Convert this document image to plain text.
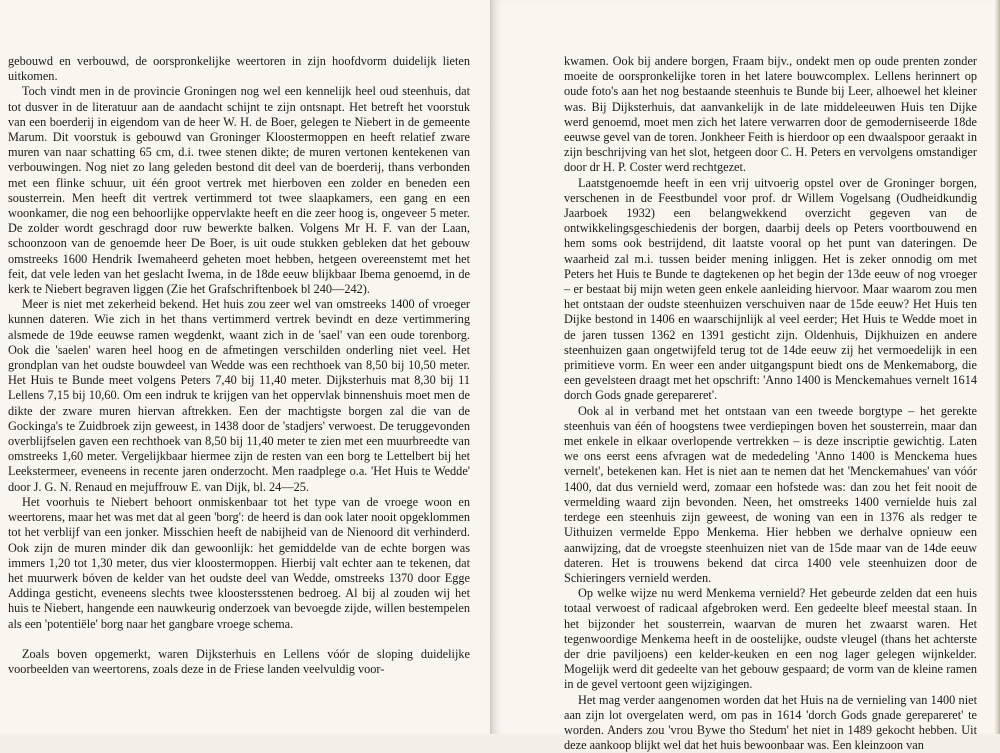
gebouwd en verbouwd, de oorspronkelijke weertoren in zijn hoofdvorm duidelijk lieten uitkomen.

Toch vindt men in de provincie Groningen nog wel een kennelijk heel oud steenhuis, dat tot dusver in de literatuur aan de aandacht schijnt te zijn ontsnapt. Het betreft het voorstuk van een boerderij in eigendom van de heer W. H. de Boer, gelegen te Niebert in de gemeente Marum. Dit voorstuk is gebouwd van Groninger Kloostermoppen en heeft relatief zware muren van naar schatting 65 cm, d.i. twee stenen dikte; de muren vertonen kentekenen van verbouwingen. Nog niet zo lang geleden bestond dit deel van de boerderij, thans verbonden met een flinke schuur, uit één groot vertrek met hierboven een zolder en beneden een sousterrein. Men heeft dit vertrek vertimmerd tot twee slaapkamers, een gang en een woonkamer, die nog een behoorlijke oppervlakte heeft en die zeer hoog is, ongeveer 5 meter. De zolder wordt geschragd door ruw bewerkte balken. Volgens Mr H. F. van der Laan, schoonzoon van de genoemde heer De Boer, is uit oude stukken gebleken dat het gebouw omstreeks 1600 Hendrik Iwemaheerd geheten moet hebben, hetgeen overeenstemt met het feit, dat vele leden van het geslacht Iwema, in de 18de eeuw blijkbaar Ibema genoemd, in de kerk te Niebert begraven liggen (Zie het Grafschriftenboek bl 240—242).

Meer is niet met zekerheid bekend. Het huis zou zeer wel van omstreeks 1400 of vroeger kunnen dateren. Wie zich in het thans vertimmerd vertrek bevindt en deze vertimmering alsmede de 19de eeuwse ramen wegdenkt, waant zich in de 'sael' van een oude torenborg. Ook die 'saelen' waren heel hoog en de afmetingen verschilden onderling niet veel. Het grondplan van het oudste bouwdeel van Wedde was een rechthoek van 8,50 bij 10,50 meter. Het Huis te Bunde meet volgens Peters 7,40 bij 11,40 meter. Dijksterhuis mat 8,30 bij 11 Lellens 7,15 bij 10,60. Om een indruk te krijgen van het oppervlak binnenshuis moet men de dikte der zware muren hiervan aftrekken. Een der machtigste borgen zal die van de Gockinga's te Zuidbroek zijn geweest, in 1438 door de 'stadjers' verwoest. De teruggevonden overblijfselen gaven een rechthoek van 8,50 bij 11,40 meter te zien met een muurbreedte van omstreeks 1,60 meter. Vergelijkbaar hiermee zijn de resten van een borg te Lettelbert bij het Leekstermeer, eveneens in recente jaren onderzocht. Men raadplege o.a. 'Het Huis te Wedde' door J. G. N. Renaud en mejuffrouw E. van Dijk, bl. 24—25.

Het voorhuis te Niebert behoort onmiskenbaar tot het type van de vroege woon en weertorens, maar het was met dat al geen 'borg': de heerd is dan ook later nooit opgeklommen tot het verblijf van een jonker. Misschien heeft de nabijheid van de Nienoord dit verhinderd. Ook zijn de muren minder dik dan gewoonlijk: het gemiddelde van de echte borgen was immers 1,20 tot 1,30 meter, dus vier kloostermoppen. Hierbij valt echter aan te tekenen, dat het muurwerk bóven de kelder van het oudste deel van Wedde, omstreeks 1370 door Egge Addinga gesticht, eveneens slechts twee kloostersstenen bedroeg. Al bij al zouden wij het huis te Niebert, hangende een nauwkeurig onderzoek van bevoegde zijde, willen bestempelen als een 'potentiële' borg naar het gangbare vroege schema.

Zoals boven opgemerkt, waren Dijksterhuis en Lellens vóór de sloping duidelijke voorbeelden van weertorens, zoals deze in de Friese landen veelvuldig voor-

kwamen. Ook bij andere borgen, Fraam bijv., ondekt men op oude prenten zonder moeite de oorspronkelijke toren in het latere bouwcomplex. Lellens herinnert op oude foto's aan het nog bestaande steenhuis te Bunde bij Leer, alhoewel het kleiner was. Bij Dijksterhuis, dat aanvankelijk in de late middeleeuwen Huis ten Dijke werd genoemd, moet men zich het latere verwarren door de gemoderniseerde 18de eeuwse gevel van de toren. Jonkheer Feith is hierdoor op een dwaalspoor geraakt in zijn beschrijving van het slot, hetgeen door C. H. Peters en vervolgens omstandiger door dr H. P. Coster werd rechtgezet.

Laatstgenoemde heeft in een vrij uitvoerig opstel over de Groninger borgen, verschenen in de Feestbundel voor prof. dr Willem Vogelsang (Oudheidkundig Jaarboek 1932) een belangwekkend overzicht gegeven van de ontwikkelingsgeschiedenis der borgen, daarbij deels op Peters voortbouwend en hem soms ook bestrijdend, dit laatste vooral op het punt van dateringen. De waarheid zal m.i. tussen beider mening inliggen. Het is zeker onnodig om met Peters het Huis te Bunde te dagtekenen op het begin der 13de eeuw of nog vroeger – er bestaat bij mijn weten geen enkele aanleiding hiervoor. Maar waarom zou men het ontstaan der oudste steenhuizen verschuiven naar de 15de eeuw? Het Huis ten Dijke bestond in 1406 en waarschijnlijk al veel eerder; Het Huis te Wedde moet in de jaren tussen 1362 en 1391 gesticht zijn. Oldenhuis, Dijkhuizen en andere steenhuizen gaan ongetwijfeld terug tot de 14de eeuw zij het vermoedelijk in een primitieve vorm. En weer een ander uitgangspunt biedt ons de Menkemaborg, die een gevelsteen draagt met het opschrift: 'Anno 1400 is Menckemahues vernelt 1614 dorch Gods gnade gerepareret'.

Ook al in verband met het ontstaan van een tweede borgtype – het gerekte steenhuis van één of hoogstens twee verdiepingen boven het sousterrein, maar dan met enkele in elkaar overlopende vertrekken – is deze inscriptie gewichtig. Laten we ons eerst eens afvragen wat de mededeling 'Anno 1400 is Menckema hues vernelt', betekenen kan. Het is niet aan te nemen dat het 'Menckemahues' van vóór 1400, dat dus vernield werd, zomaar een hofstede was: dan zou het feit nooit de vermelding waard zijn bevonden. Neen, het omstreeks 1400 vernielde huis zal terdege een steenhuis zijn geweest, de woning van een in 1376 als redger te Uithuizen vermelde Eppo Menkema. Hier hebben we derhalve opnieuw een aanwijzing, dat de vroegste steenhuizen niet van de 15de maar van de 14de eeuw dateren. Het is trouwens bekend dat circa 1400 vele steenhuizen door de Schieringers vernield werden.

Op welke wijze nu werd Menkema vernield? Het gebeurde zelden dat een huis totaal verwoest of radicaal afgebroken werd. Een gedeelte bleef meestal staan. In het bijzonder het sousterrein, waarvan de muren het zwaarst waren. Het tegenwoordige Menkema heeft in de oostelijke, oudste vleugel (thans het achterste der drie paviljoens) een kelder-keuken en een nog lager gelegen wijnkelder. Mogelijk werd dit gedeelte van het gebouw gespaard; de vorm van de kleine ramen in de gevel vertoont geen wijzigingen.

Het mag verder aangenomen worden dat het Huis na de vernieling van 1400 niet aan zijn lot overgelaten werd, om pas in 1614 'dorch Gods gnade gerepareret' te worden. Anders zou 'vrou Bywe tho Stedum' het niet in 1489 gekocht hebben. Uit deze aankoop blijkt wel dat het huis bewoonbaar was. Een kleinzoon van
